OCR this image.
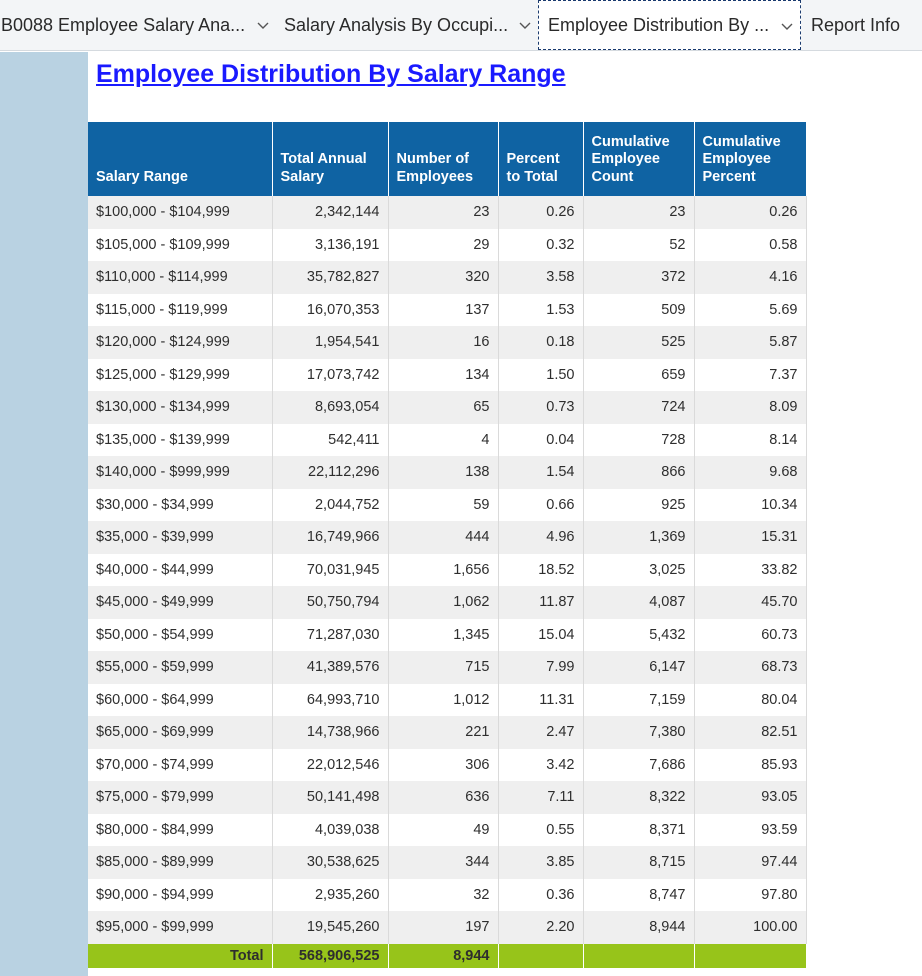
B0088 Employee Salary Ana... Salary Analysis By Occupi... Employee Distribution By ... Report Info
Employee Distribution By Salary Range
Salary Range	Total Annual Salary	Number of Employees	Percent to Total	Cumulative Employee Count	Cumulative Employee Percent
$100,000 - $104,999	2,342,144	23	0.26	23	0.26
$105,000 - $109,999	3,136,191	29	0.32	52	0.58
$110,000 - $114,999	35,782,827	320	3.58	372	4.16
$115,000 - $119,999	16,070,353	137	1.53	509	5.69
$120,000 - $124,999	1,954,541	16	0.18	525	5.87
$125,000 - $129,999	17,073,742	134	1.50	659	7.37
$130,000 - $134,999	8,693,054	65	0.73	724	8.09
$135,000 - $139,999	542,411	4	0.04	728	8.14
$140,000 - $999,999	22,112,296	138	1.54	866	9.68
$30,000 - $34,999	2,044,752	59	0.66	925	10.34
$35,000 - $39,999	16,749,966	444	4.96	1,369	15.31
$40,000 - $44,999	70,031,945	1,656	18.52	3,025	33.82
$45,000 - $49,999	50,750,794	1,062	11.87	4,087	45.70
$50,000 - $54,999	71,287,030	1,345	15.04	5,432	60.73
$55,000 - $59,999	41,389,576	715	7.99	6,147	68.73
$60,000 - $64,999	64,993,710	1,012	11.31	7,159	80.04
$65,000 - $69,999	14,738,966	221	2.47	7,380	82.51
$70,000 - $74,999	22,012,546	306	3.42	7,686	85.93
$75,000 - $79,999	50,141,498	636	7.11	8,322	93.05
$80,000 - $84,999	4,039,038	49	0.55	8,371	93.59
$85,000 - $89,999	30,538,625	344	3.85	8,715	97.44
$90,000 - $94,999	2,935,260	32	0.36	8,747	97.80
$95,000 - $99,999	19,545,260	197	2.20	8,944	100.00
Total	568,906,525	8,944			
